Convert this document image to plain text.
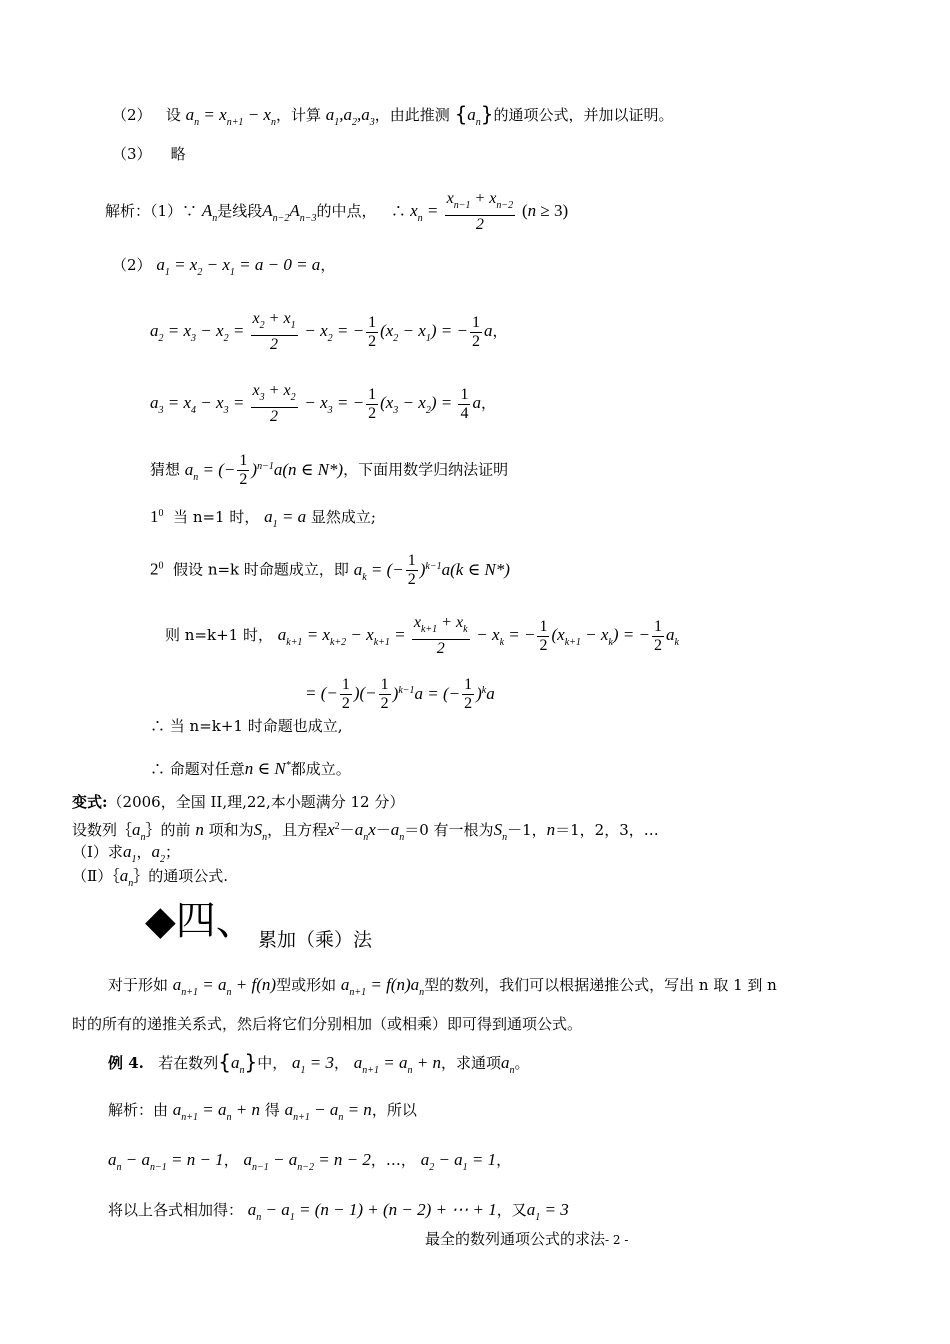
（2） 设 $a_n = x_{n+1} - x_n$，计算 $a_1,a_2,a_3$，由此推测 $\{a_n\}$的通项公式，并加以证明。
（3） 略
解析：（1）∵ $A_n$是线段$A_{n-2}A_{n-3}$的中点， ∴ $x_n = \frac{x_{n-1} + x_{n-2}}{2} (n \ge 3)$
（2） $a_1 = x_2 - x_1 = a - 0 = a$，
$a_2 = x_3 - x_2 = \frac{x_2 + x_1}{2} - x_2$ = − $\frac{1}{2} (x_2 - x_1)$ = − $\frac{1}{2}$ a，
$a_3 = x_4 - x_3 = \frac{x_3 + x_2}{2} - x_3$ = − $\frac{1}{2} (x_3 - x_2) = \frac{1}{4}$ a，
猜想 $a_n$ = (− $\frac{1}{2} )^{n-1}a(n$ ∈ N*)，下面用数学归纳法证明
$1^0$ 当 n=1 时， $a_1 = a$ 显然成立;
$2^0$ 假设 n=k 时命题成立，即 $a_k$ = (− $\frac{1}{2} )^{k-1}a(k$ ∈ N*)
则 n=k+1 时， $a_{k+1} = x_{k+2} - x_{k+1} = \frac{x_{k+1} + x_k}{2} - x_k$ = − $\frac{1}{2} (x_{k+1} - x_k)$ = − $\frac{1}{2} a_k$
= (− $\frac{1}{2}$ )(− $\frac{1}{2} )^{k-1}a$ = (− $\frac{1}{2} )^ka$
∴ 当 n=k+1 时命题也成立,
∴ 命题对任意n ∈ N*都成立。
变式:（2006，全国 II,理,22,本小题满分 12 分）
设数列$\{a_n\}$的前 n 项和为$S_n$，且方程$x^2-a_nx-a_n=0$ 有一根为$S_n-1$，n＝1，2，3，…
（Ⅰ）求$a_1$，$a_2$；
$(Ⅱ)\{a_n\}$的通项公式.
◆四、 累加（乘）法
对于形如 $a_{n+1} = a_n + f(n)$型或形如 $a_{n+1} = f(n)a_n$型的数列，我们可以根据递推公式，写出 n 取 1 到 n
时的所有的递推关系式，然后将它们分别相加（或相乘）即可得到通项公式。
例 4. 若在数列$\{a_n\}$中， $a_1 = 3$， $a_{n+1} = a_n + n$，求通项$a_n$。
解析：由 $a_{n+1} = a_n + n$ 得 $a_{n+1} - a_n = n$，所以
$a_n - a_{n-1} = n - 1$， $a_{n-1} - a_{n-2} = n - 2$，…， $a_2 - a_1 = 1$，
将以上各式相加得： $a_n - a_1 = (n - 1) + (n - 2)$ + ⋯ + 1，又$a_1 = 3$
最全的数列通项公式的求法- 2 -
